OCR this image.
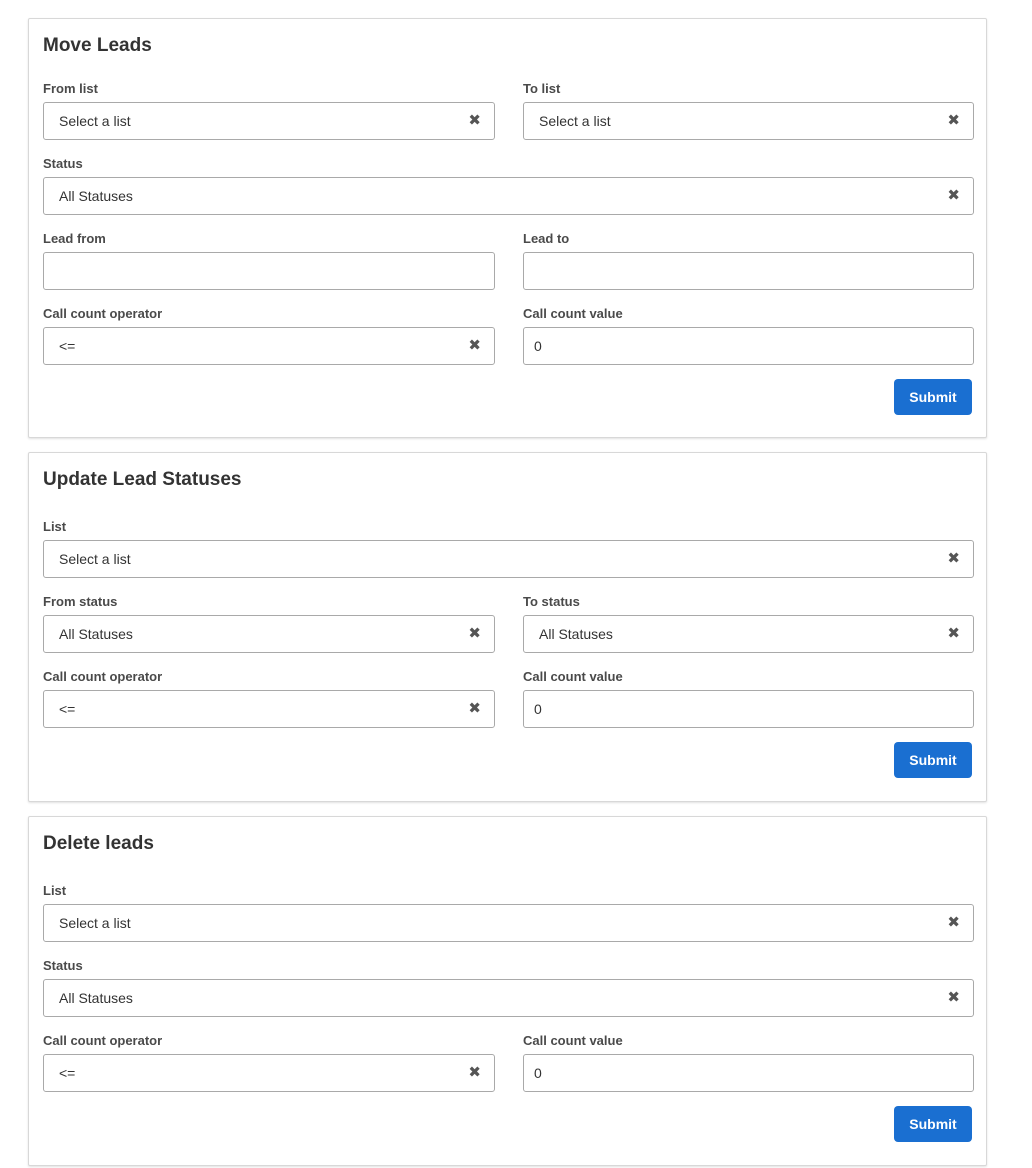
Move Leads
From list
Select a list	✖
To list
Select a list	✖
Status
All Statuses	✖
Lead from	Lead to
Call count operator
<=	✖
Call count value
0
Submit
Update Lead Statuses
List
Select a list	✖
From status
All Statuses	✖
To status
All Statuses	✖
Call count operator
<=	✖
Call count value
0
Submit
Delete leads
List
Select a list	✖
Status
All Statuses	✖
Call count operator
<=	✖
Call count value
0
Submit
